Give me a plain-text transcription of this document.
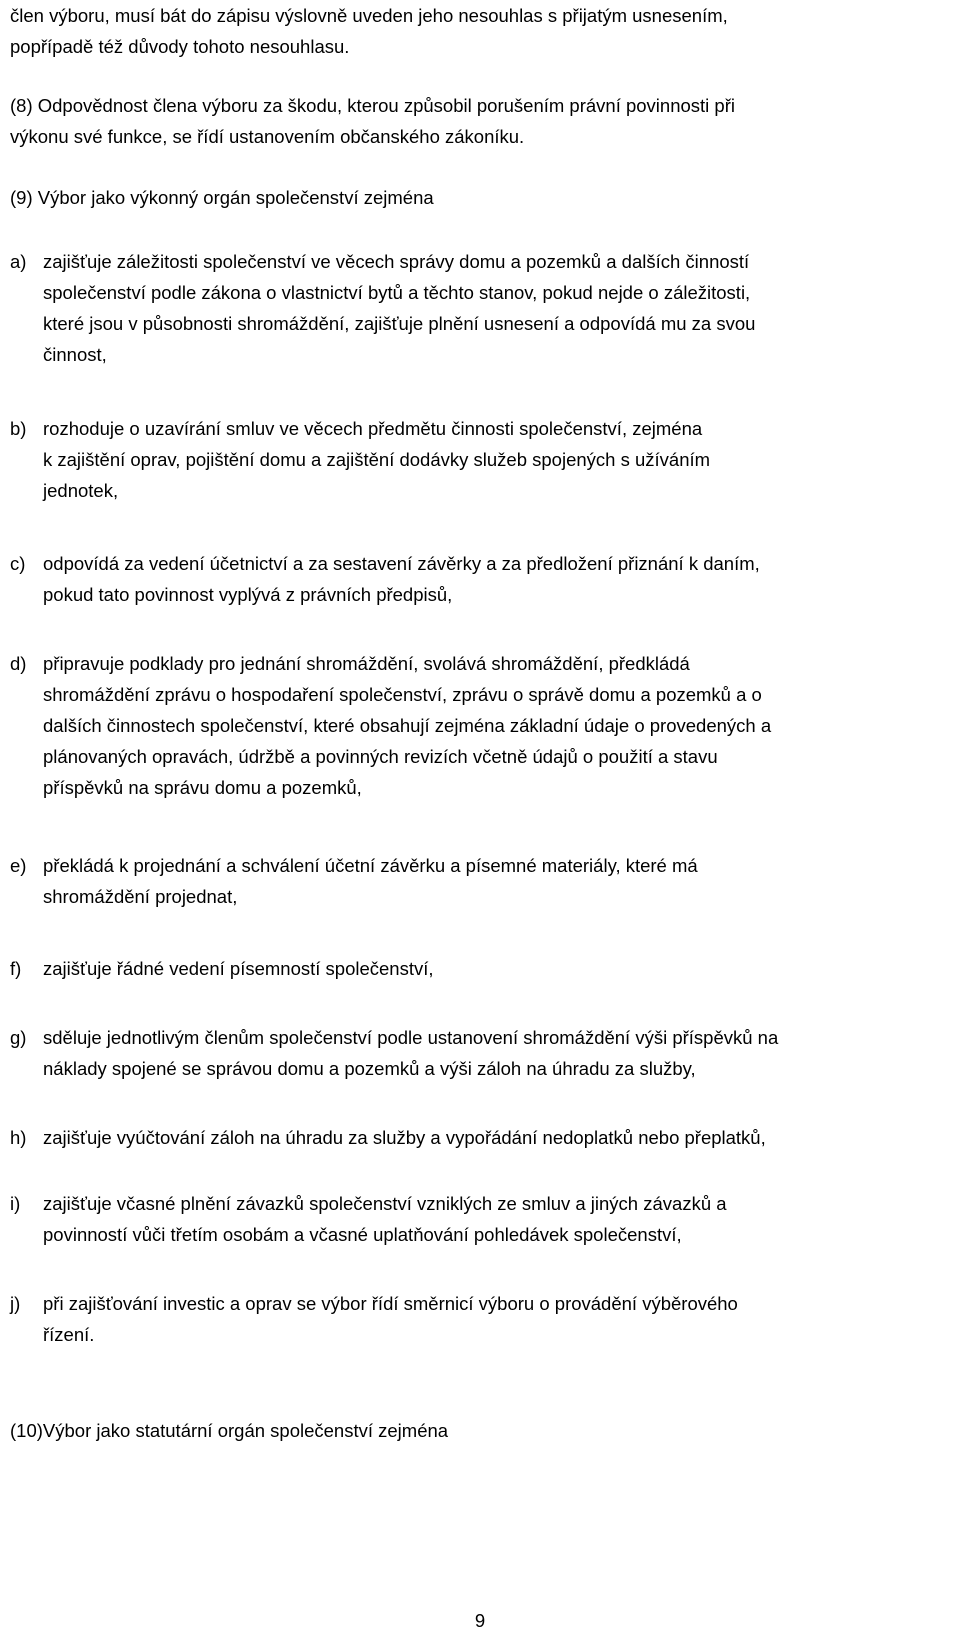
člen výboru, musí bát do zápisu výslovně uveden jeho nesouhlas s přijatým usnesením,
popřípadě též důvody tohoto nesouhlasu.
(8) Odpovědnost člena výboru za škodu, kterou způsobil porušením právní povinnosti při
výkonu své funkce, se řídí ustanovením občanského zákoníku.
(9) Výbor jako výkonný orgán společenství zejména
a) zajišťuje záležitosti společenství ve věcech správy domu a pozemků a dalších činností
společenství podle zákona o vlastnictví bytů a těchto stanov, pokud nejde o záležitosti,
které jsou v působnosti shromáždění, zajišťuje plnění usnesení a odpovídá mu za svou
činnost,
b) rozhoduje o uzavírání smluv ve věcech předmětu činnosti společenství, zejména
k zajištění oprav, pojištění domu a zajištění dodávky služeb spojených s užíváním
jednotek,
c) odpovídá za vedení účetnictví a za sestavení závěrky a za předložení přiznání k daním,
pokud tato povinnost vyplývá z právních předpisů,
d) připravuje podklady pro jednání shromáždění, svolává shromáždění, předkládá
shromáždění zprávu o hospodaření společenství, zprávu o správě domu a pozemků a o
dalších činnostech společenství, které obsahují zejména základní údaje o provedených a
plánovaných opravách, údržbě a povinných revizích včetně údajů o použití a stavu
příspěvků na správu domu a pozemků,
e) překládá k projednání a schválení účetní závěrku a písemné materiály, které má
shromáždění projednat,
f) zajišťuje řádné vedení písemností společenství,
g) sděluje jednotlivým členům společenství podle ustanovení shromáždění výši příspěvků na
náklady spojené se správou domu a pozemků a výši záloh na úhradu za služby,
h) zajišťuje vyúčtování záloh na úhradu za služby a vypořádání nedoplatků nebo přeplatků,
i) zajišťuje včasné plnění závazků společenství vzniklých ze smluv a jiných závazků a
povinností vůči třetím osobám a včasné uplatňování pohledávek společenství,
j) při zajišťování investic a oprav se výbor řídí směrnicí výboru o provádění výběrového
řízení.
(10)Výbor jako statutární orgán společenství zejména
9
